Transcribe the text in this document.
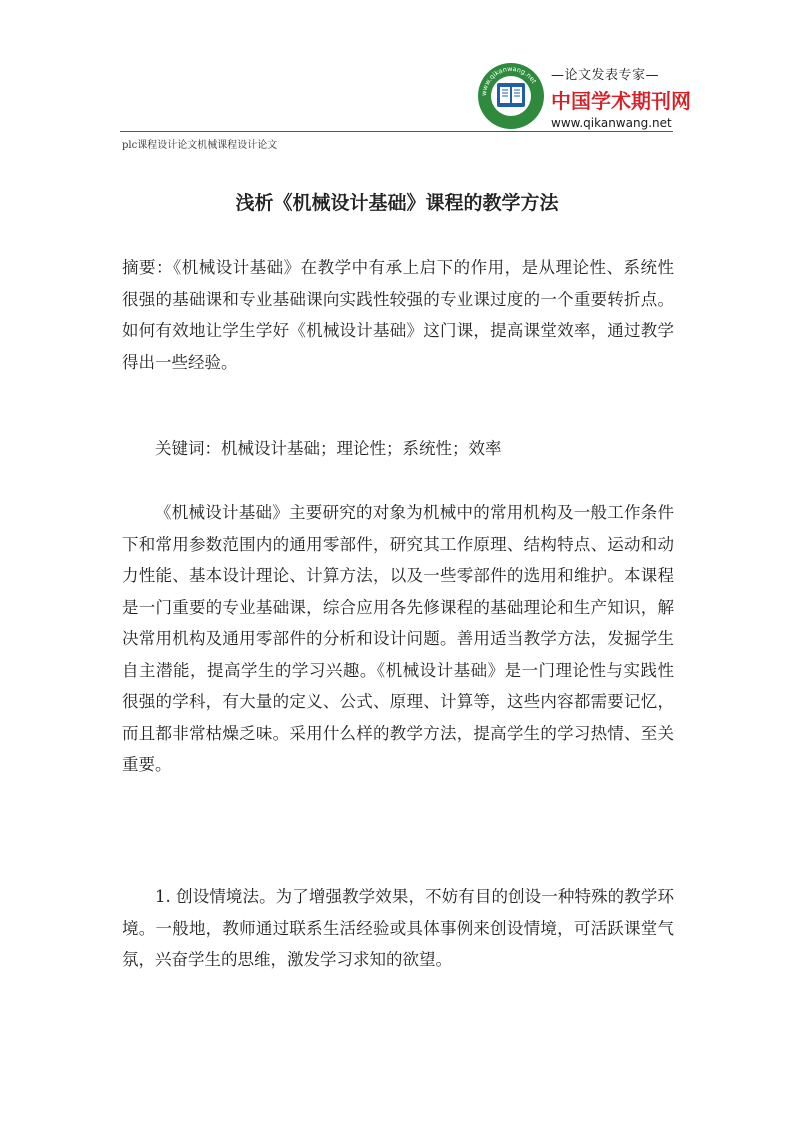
www.qikanwang.net —论文发表专家—
中国学术期刊网
www.qikanwang.net
plc课程设计论文机械课程设计论文
浅析《机械设计基础》课程的教学方法
摘要：《机械设计基础》在教学中有承上启下的作用，是从理论性、系统性很强的基础课和专业基础课向实践性较强的专业课过度的一个重要转折点。如何有效地让学生学好《机械设计基础》这门课，提高课堂效率，通过教学得出一些经验。
关键词：机械设计基础；理论性；系统性；效率
《机械设计基础》主要研究的对象为机械中的常用机构及一般工作条件下和常用参数范围内的通用零部件，研究其工作原理、结构特点、运动和动力性能、基本设计理论、计算方法，以及一些零部件的选用和维护。本课程是一门重要的专业基础课，综合应用各先修课程的基础理论和生产知识，解决常用机构及通用零部件的分析和设计问题。善用适当教学方法，发掘学生自主潜能，提高学生的学习兴趣。《机械设计基础》是一门理论性与实践性很强的学科，有大量的定义、公式、原理、计算等，这些内容都需要记忆，而且都非常枯燥乏味。采用什么样的教学方法，提高学生的学习热情、至关重要。
1. 创设情境法。为了增强教学效果，不妨有目的创设一种特殊的教学环境。一般地，教师通过联系生活经验或具体事例来创设情境，可活跃课堂气氛，兴奋学生的思维，激发学习求知的欲望。
